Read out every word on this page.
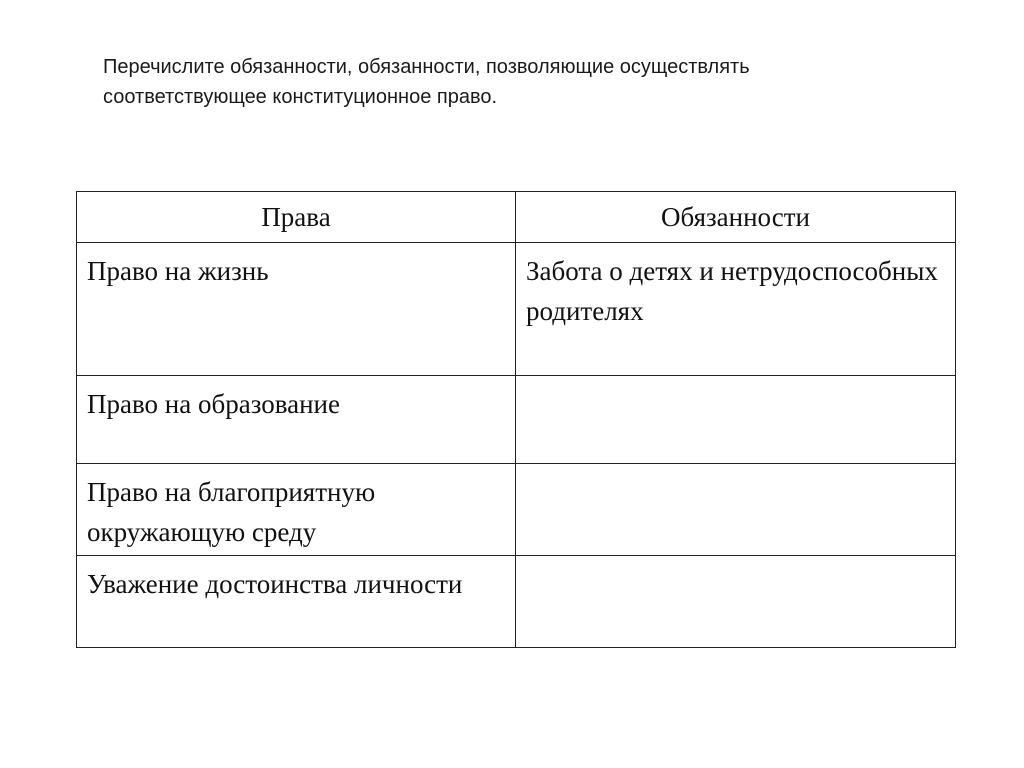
Перечислите обязанности, обязанности, позволяющие осуществлять
соответствующее конституционное право.

Права	Обязанности
Право на жизнь	Забота о детях и нетрудоспособных родителях
Право на образование	
Право на благоприятную окружающую среду	
Уважение достоинства личности	
